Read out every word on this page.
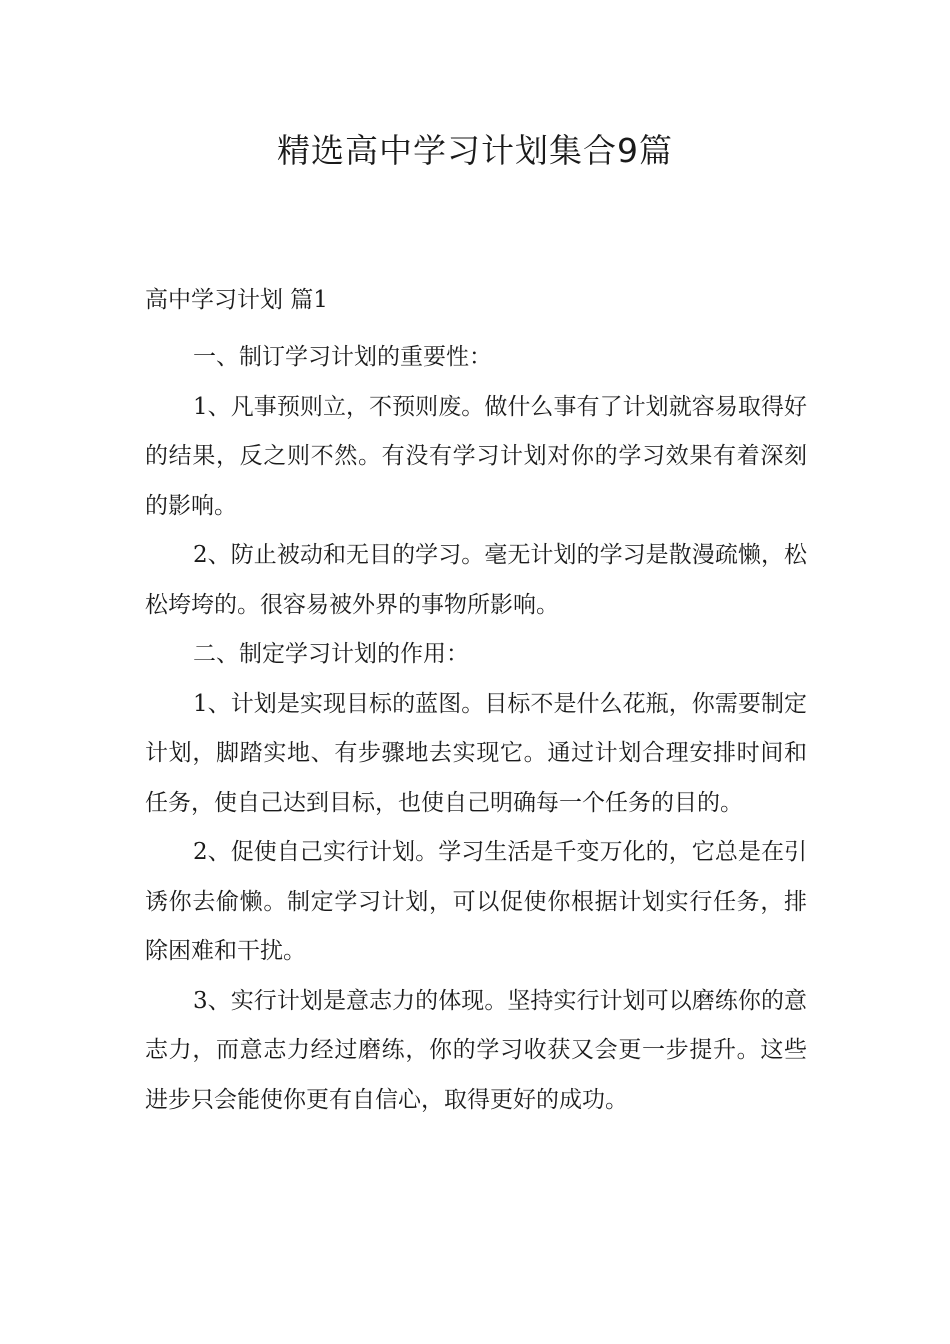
精选高中学习计划集合9篇

高中学习计划 篇1

一、制订学习计划的重要性：

1、凡事预则立，不预则废。做什么事有了计划就容易取得好的结果，反之则不然。有没有学习计划对你的学习效果有着深刻的影响。

2、防止被动和无目的学习。毫无计划的学习是散漫疏懒，松松垮垮的。很容易被外界的事物所影响。

二、制定学习计划的作用：

1、计划是实现目标的蓝图。目标不是什么花瓶，你需要制定计划，脚踏实地、有步骤地去实现它。通过计划合理安排时间和任务，使自己达到目标，也使自己明确每一个任务的目的。

2、促使自己实行计划。学习生活是千变万化的，它总是在引诱你去偷懒。制定学习计划，可以促使你根据计划实行任务，排除困难和干扰。

3、实行计划是意志力的体现。坚持实行计划可以磨练你的意志力，而意志力经过磨练，你的学习收获又会更一步提升。这些进步只会能使你更有自信心，取得更好的成功。
